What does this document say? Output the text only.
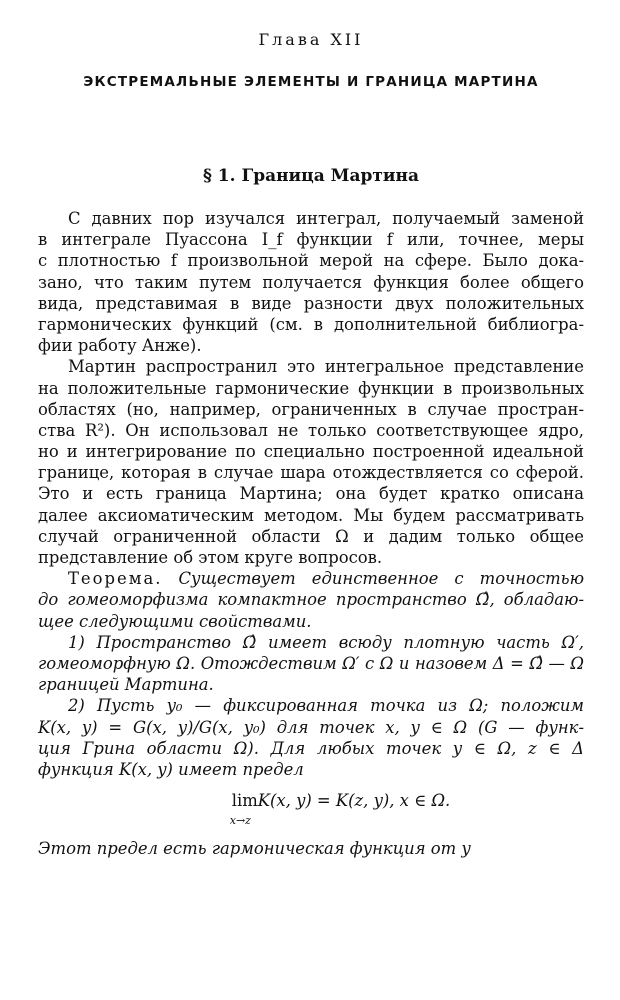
Глава XII
ЭКСТРЕМАЛЬНЫЕ ЭЛЕМЕНТЫ И ГРАНИЦА МАРТИНА
§ 1. Граница Мартина
С давних пор изучался интеграл, получаемый заменой
в интеграле Пуассона I_f функции f или, точнее, меры
с плотностью f произвольной мерой на сфере. Было дока-
зано, что таким путем получается функция более общего
вида, представимая в виде разности двух положительных
гармонических функций (см. в дополнительной библиогра-
фии работу Анже).
Мартин распространил это интегральное представление
на положительные гармонические функции в произвольных
областях (но, например, ограниченных в случае простран-
ства R²). Он использовал не только соответствующее ядро,
но и интегрирование по специально построенной идеальной
границе, которая в случае шара отождествляется со сферой.
Это и есть граница Мартина; она будет кратко описана
далее аксиоматическим методом. Мы будем рассматривать
случай ограниченной области Ω и дадим только общее
представление об этом круге вопросов.
Теорема. Существует единственное с точностью
до гомеоморфизма компактное пространство Ω̂, обладаю-
щее следующими свойствами.
1) Пространство Ω̂ имеет всюду плотную часть Ω′,
гомеоморфную Ω. Отождествим Ω′ с Ω и назовем Δ = Ω̂ — Ω
границей Мартина.
2) Пусть y₀ — фиксированная точка из Ω; положим
K(x, y) = G(x, y)/G(x, y₀) для точек x, y ∈ Ω (G — функ-
ция Грина области Ω). Для любых точек y ∈ Ω, z ∈ Δ
функция K(x, y) имеет предел
lim
x→z
K(x, y) = K(z, y), x ∈ Ω.
Этот предел есть гармоническая функция от y
